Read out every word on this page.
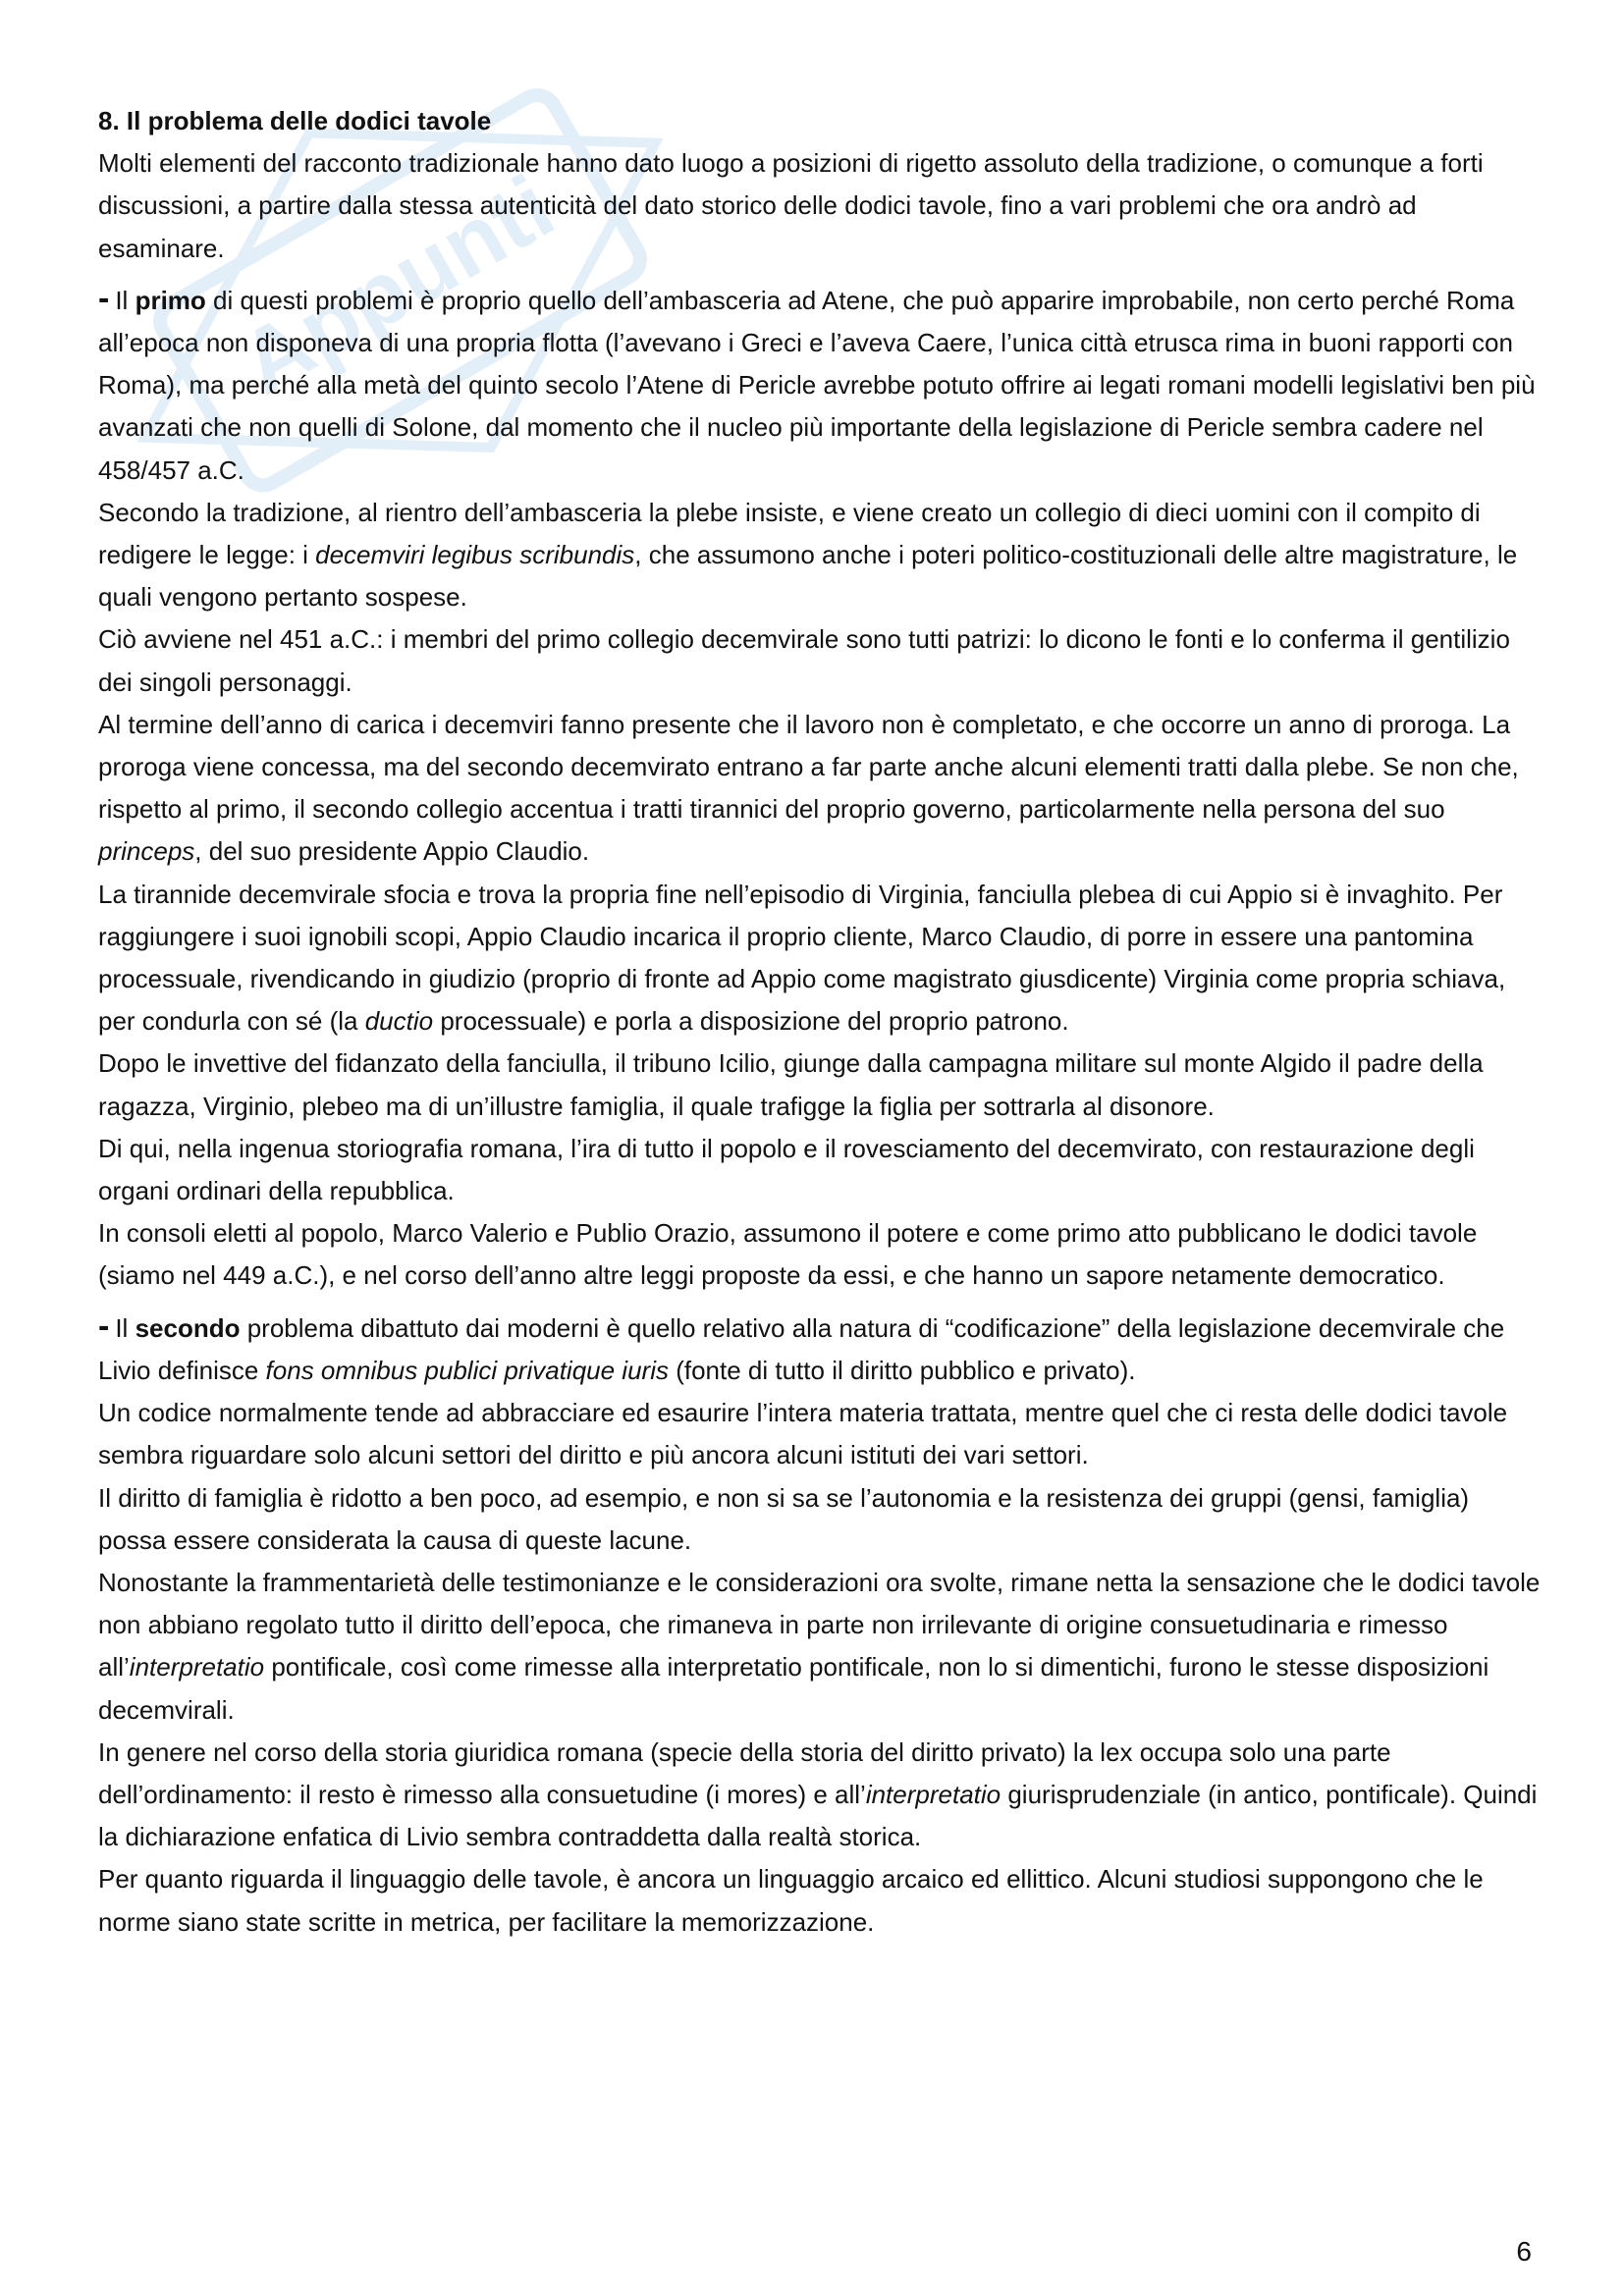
Appunti

8. Il problema delle dodici tavole

Molti elementi del racconto tradizionale hanno dato luogo a posizioni di rigetto assoluto della tradizione, o comunque a forti discussioni, a partire dalla stessa autenticità del dato storico delle dodici tavole, fino a vari problemi che ora andrò ad esaminare.

- Il primo di questi problemi è proprio quello dell’ambasceria ad Atene, che può apparire improbabile, non certo perché Roma all’epoca non disponeva di una propria flotta (l’avevano i Greci e l’aveva Caere, l’unica città etrusca rima in buoni rapporti con Roma), ma perché alla metà del quinto secolo l’Atene di Pericle avrebbe potuto offrire ai legati romani modelli legislativi ben più avanzati che non quelli di Solone, dal momento che il nucleo più importante della legislazione di Pericle sembra cadere nel 458/457 a.C.

Secondo la tradizione, al rientro dell’ambasceria la plebe insiste, e viene creato un collegio di dieci uomini con il compito di redigere le legge: i decemviri legibus scribundis, che assumono anche i poteri politico-costituzionali delle altre magistrature, le quali vengono pertanto sospese.

Ciò avviene nel 451 a.C.: i membri del primo collegio decemvirale sono tutti patrizi: lo dicono le fonti e lo conferma il gentilizio dei singoli personaggi.

Al termine dell’anno di carica i decemviri fanno presente che il lavoro non è completato, e che occorre un anno di proroga. La proroga viene concessa, ma del secondo decemvirato entrano a far parte anche alcuni elementi tratti dalla plebe. Se non che, rispetto al primo, il secondo collegio accentua i tratti tirannici del proprio governo, particolarmente nella persona del suo princeps, del suo presidente Appio Claudio.

La tirannide decemvirale sfocia e trova la propria fine nell’episodio di Virginia, fanciulla plebea di cui Appio si è invaghito. Per raggiungere i suoi ignobili scopi, Appio Claudio incarica il proprio cliente, Marco Claudio, di porre in essere una pantomina processuale, rivendicando in giudizio (proprio di fronte ad Appio come magistrato giusdicente) Virginia come propria schiava, per condurla con sé (la ductio processuale) e porla a disposizione del proprio patrono.

Dopo le invettive del fidanzato della fanciulla, il tribuno Icilio, giunge dalla campagna militare sul monte Algido il padre della ragazza, Virginio, plebeo ma di un’illustre famiglia, il quale trafigge la figlia per sottrarla al disonore.

Di qui, nella ingenua storiografia romana, l’ira di tutto il popolo e il rovesciamento del decemvirato, con restaurazione degli organi ordinari della repubblica.

In consoli eletti al popolo, Marco Valerio e Publio Orazio, assumono il potere e come primo atto pubblicano le dodici tavole (siamo nel 449 a.C.), e nel corso dell’anno altre leggi proposte da essi, e che hanno un sapore netamente democratico.

- Il secondo problema dibattuto dai moderni è quello relativo alla natura di “codificazione” della legislazione decemvirale che Livio definisce fons omnibus publici privatique iuris (fonte di tutto il diritto pubblico e privato).

Un codice normalmente tende ad abbracciare ed esaurire l’intera materia trattata, mentre quel che ci resta delle dodici tavole sembra riguardare solo alcuni settori del diritto e più ancora alcuni istituti dei vari settori.

Il diritto di famiglia è ridotto a ben poco, ad esempio, e non si sa se l’autonomia e la resistenza dei gruppi (gensi, famiglia) possa essere considerata la causa di queste lacune.

Nonostante la frammentarietà delle testimonianze e le considerazioni ora svolte, rimane netta la sensazione che le dodici tavole non abbiano regolato tutto il diritto dell’epoca, che rimaneva in parte non irrilevante di origine consuetudinaria e rimesso all’interpretatio pontificale, così come rimesse alla interpretatio pontificale, non lo si dimentichi, furono le stesse disposizioni decemvirali.

In genere nel corso della storia giuridica romana (specie della storia del diritto privato) la lex occupa solo una parte dell’ordinamento: il resto è rimesso alla consuetudine (i mores) e all’interpretatio giurisprudenziale (in antico, pontificale). Quindi la dichiarazione enfatica di Livio sembra contraddetta dalla realtà storica.

Per quanto riguarda il linguaggio delle tavole, è ancora un linguaggio arcaico ed ellittico. Alcuni studiosi suppongono che le norme siano state scritte in metrica, per facilitare la memorizzazione.

6
